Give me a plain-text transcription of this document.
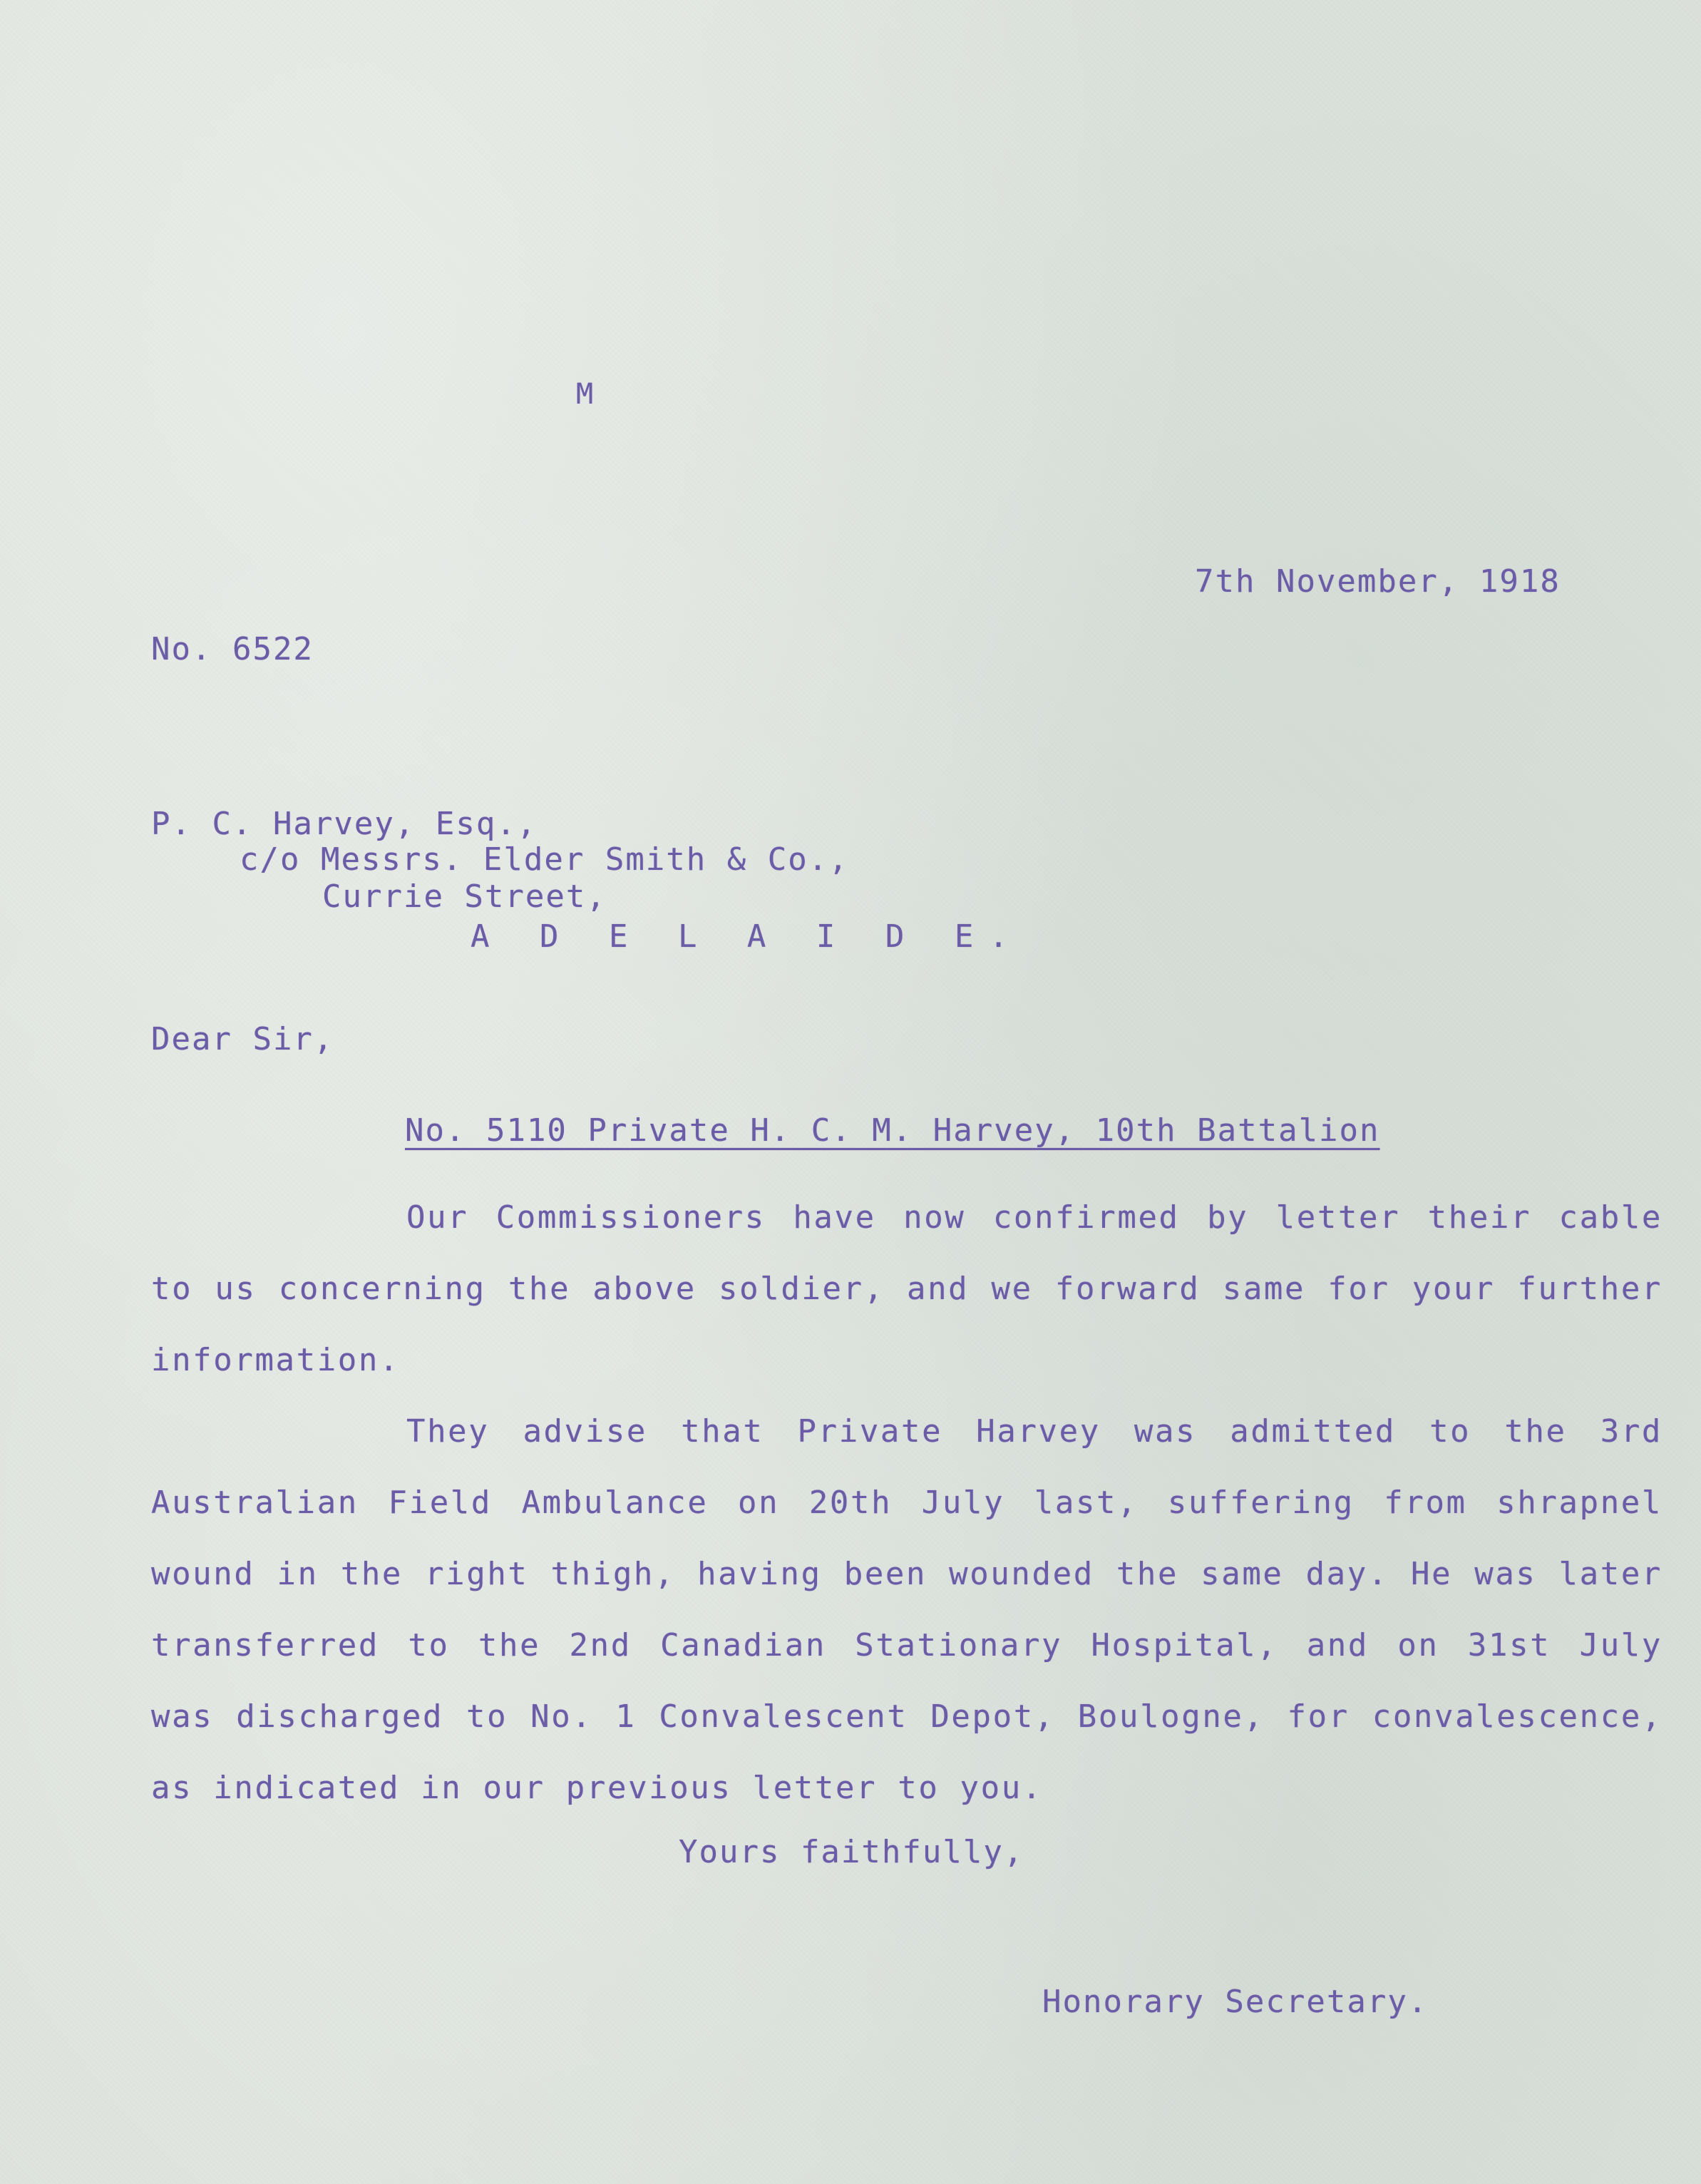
M
7th November, 1918
No. 6522
P. C. Harvey, Esq.,
c/o Messrs. Elder Smith & Co.,
Currie Street,
A D E L A I D E.
Dear Sir,
No. 5110 Private H. C. M. Harvey, 10th Battalion
Our Commissioners have now confirmed by letter their cable to us concerning the above soldier, and we forward same for your further information.
They advise that Private Harvey was admitted to the 3rd Australian Field Ambulance on 20th July last, suffering from shrapnel wound in the right thigh, having been wounded the same day. He was later transferred to the 2nd Canadian Stationary Hospital, and on 31st July was discharged to No. 1 Convalescent Depot, Boulogne, for convalescence, as indicated in our previous letter to you.
Yours faithfully,
Honorary Secretary.
